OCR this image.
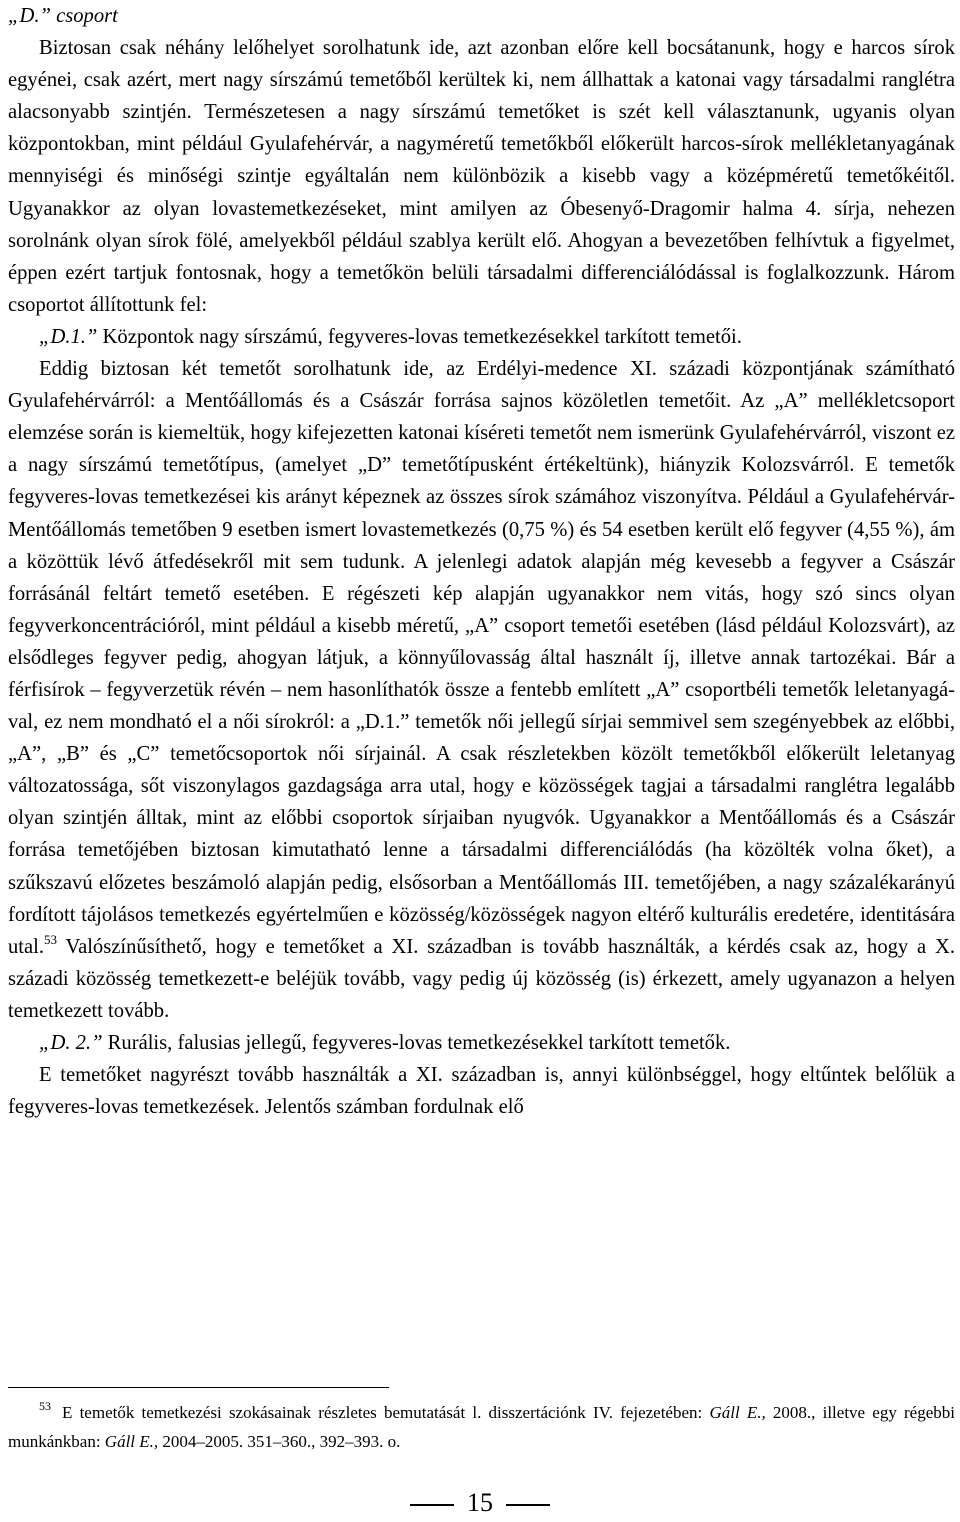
„D.” csoport

Biztosan csak néhány lelőhelyet sorolhatunk ide, azt azonban előre kell bocsátanunk, hogy e harcos sírok egyénei, csak azért, mert nagy sírszámú temetőből kerültek ki, nem állhattak a katonai vagy társadalmi ranglétra alacsonyabb szintjén. Természetesen a nagy sírszámú temetőket is szét kell választanunk, ugyanis olyan központokban, mint például Gyulafehérvár, a nagyméretű temetőkből előkerült harcos-sírok mellékletanyagának mennyiségi és minőségi szintje egyáltalán nem különbözik a kisebb vagy a középméretű temetőkéitől. Ugyanakkor az olyan lovastemetkezéseket, mint amilyen az Óbesenyő-Dragomir halma 4. sírja, nehezen sorolnánk olyan sírok fölé, amelyekből például szablya került elő. Ahogyan a bevezetőben felhívtuk a figyelmet, éppen ezért tartjuk fontosnak, hogy a temetőkön belüli társadalmi differenciálódással is foglalkozzunk. Három csoportot állítottunk fel:

„D.1.” Központok nagy sírszámú, fegyveres-lovas temetkezésekkel tarkított temetői.

Eddig biztosan két temetőt sorolhatunk ide, az Erdélyi-medence XI. századi központjának számítható Gyulafehérvárról: a Mentőállomás és a Császár forrása sajnos közöletlen temetőit. Az „A” mellékletcsoport elemzése során is kiemeltük, hogy kifejezetten katonai kíséreti temetőt nem ismerünk Gyulafehérvárról, viszont ez a nagy sírszámú temetőtípus, (amelyet „D” temetőtípusként értékeltünk), hiányzik Kolozsvárról. E temetők fegyveres-lovas temetkezései kis arányt képeznek az összes sírok számához viszonyítva. Például a Gyulafehérvár-Mentőállomás temetőben 9 esetben ismert lovastemetkezés (0,75 %) és 54 esetben került elő fegyver (4,55 %), ám a közöttük lévő átfedésekről mit sem tudunk. A jelenlegi adatok alapján még kevesebb a fegyver a Császár forrásánál feltárt temető esetében. E régészeti kép alapján ugyanakkor nem vitás, hogy szó sincs olyan fegyverkoncentrációról, mint például a kisebb méretű, „A” csoport temetői esetében (lásd például Kolozsvárt), az elsődleges fegyver pedig, ahogyan látjuk, a könnyűlovasság által használt íj, illetve annak tartozékai. Bár a férfisírok – fegyverzetük révén – nem hasonlíthatók össze a fentebb említett „A” csoportbéli temetők leletanyagával, ez nem mondható el a női sírokról: a „D.1.” temetők női jellegű sírjai semmivel sem szegényebbek az előbbi, „A”, „B” és „C” temetőcsoportok női sírjainál. A csak részletekben közölt temetőkből előkerült leletanyag változatossága, sőt viszonylagos gazdagsága arra utal, hogy e közösségek tagjai a társadalmi ranglétra legalább olyan szintjén álltak, mint az előbbi csoportok sírjaiban nyugvók. Ugyanakkor a Mentőállomás és a Császár forrása temetőjében biztosan kimutatható lenne a társadalmi differenciálódás (ha közölték volna őket), a szűkszavú előzetes beszámoló alapján pedig, elsősorban a Mentőállomás III. temetőjében, a nagy százalékarányú fordított tájolásos temetkezés egyértelműen e közösség/közösségek nagyon eltérő kulturális eredetére, identitására utal.$^{53}$ Valószínűsíthető, hogy e temetőket a XI. században is tovább használták, a kérdés csak az, hogy a X. századi közösség temetkezett-e beléjük tovább, vagy pedig új közösség (is) érkezett, amely ugyanazon a helyen temetkezett tovább.

„D. 2.” Rurális, falusias jellegű, fegyveres-lovas temetkezésekkel tarkított temetők.

E temetőket nagyrészt tovább használták a XI. században is, annyi különbséggel, hogy eltűntek belőlük a fegyveres-lovas temetkezések. Jelentős számban fordulnak elő

$^{53}$ E temetők temetkezési szokásainak részletes bemutatását l. disszertációnk IV. fejezetében: Gáll E., 2008., illetve egy régebbi munkánkban: Gáll E., 2004–2005. 351–360., 392–393. o.

15
